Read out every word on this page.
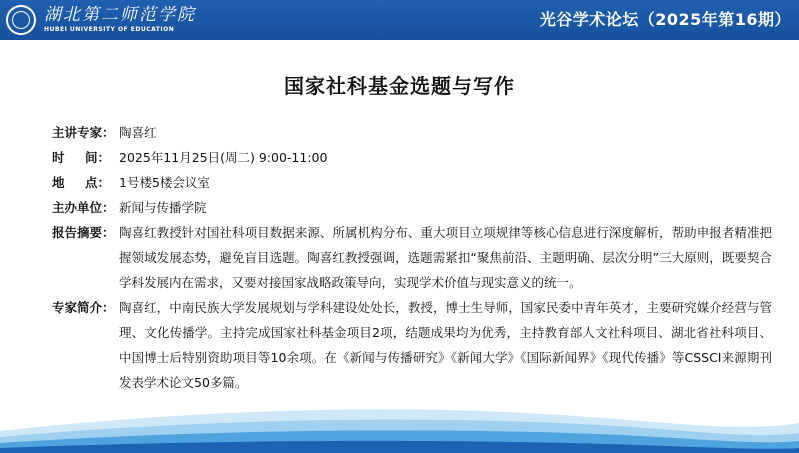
湖北第二师范学院
HUBEI UNIVERSITY OF EDUCATION
光谷学术论坛（2025年第16期）
国家社科基金选题与写作
主讲专家： 陶喜红
时 间： 2025年11月25日(周二) 9:00-11:00
地 点： 1号楼5楼会议室
主办单位： 新闻与传播学院
报告摘要： 陶喜红教授针对国社科项目数据来源、所属机构分布、重大项目立项规律等核心信息进行深度解析，帮助申报者精准把握领域发展态势，避免盲目选题。陶喜红教授强调，选题需紧扣“聚焦前沿、主题明确、层次分明”三大原则，既要契合学科发展内在需求，又要对接国家战略政策导向，实现学术价值与现实意义的统一。
专家简介： 陶喜红，中南民族大学发展规划与学科建设处处长，教授，博士生导师，国家民委中青年英才，主要研究媒介经营与管理、文化传播学。主持完成国家社科基金项目2项，结题成果均为优秀，主持教育部人文社科项目、湖北省社科项目、中国博士后特别资助项目等10余项。在《新闻与传播研究》《新闻大学》《国际新闻界》《现代传播》等CSSCI来源期刊发表学术论文50多篇。
